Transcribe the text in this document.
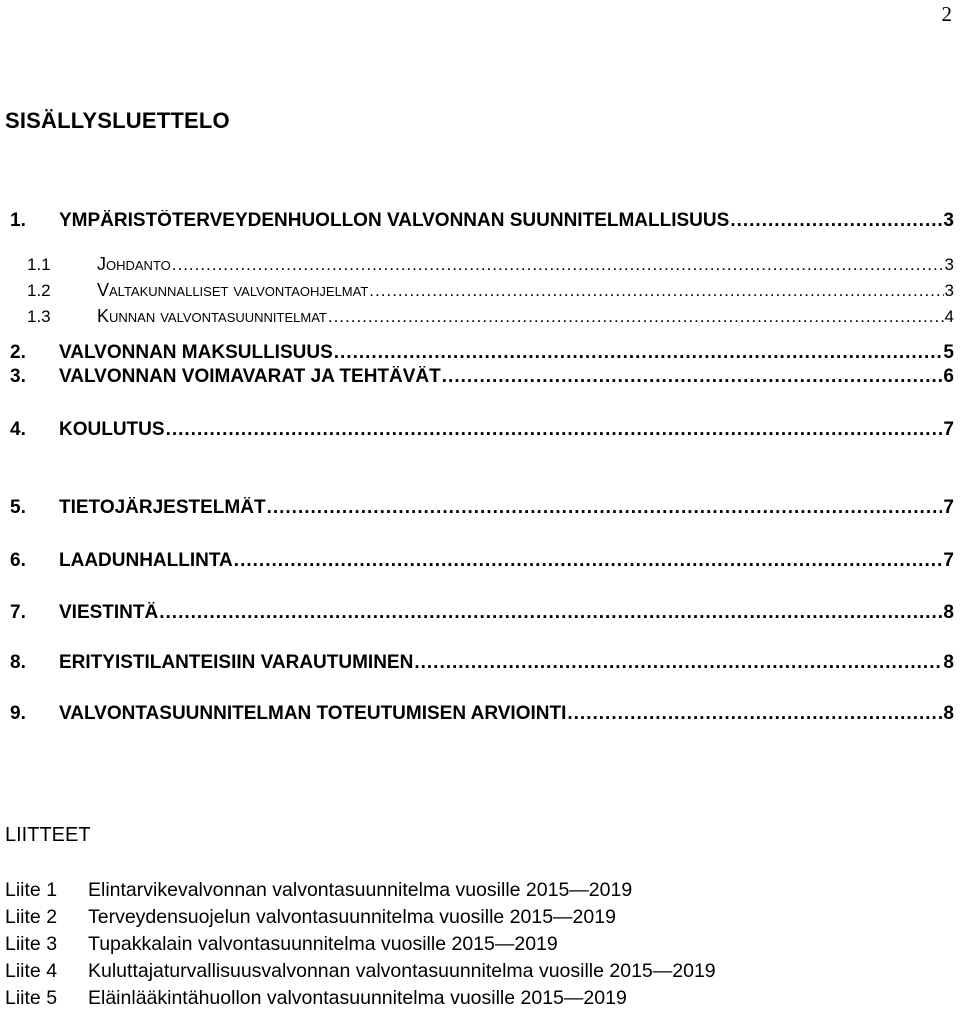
2
SISÄLLYSLUETTELO
1.	YMPÄRISTÖTERVEYDENHUOLLON VALVONNAN SUUNNITELMALLISUUS .....	3
1.1	Johdanto .....	3
1.2	Valtakunnalliset valvontaohjelmat .....	3
1.3	Kunnan valvontasuunnitelmat .....	4
2.	VALVONNAN MAKSULLISUUS .....	5
3.	VALVONNAN VOIMAVARAT JA TEHTÄVÄT .....	6
4.	KOULUTUS .....	7
5.	TIETOJÄRJESTELMÄT .....	7
6.	LAADUNHALLINTA .....	7
7.	VIESTINTÄ .....	8
8.	ERITYISTILANTEISIIN VARAUTUMINEN .....	8
9.	VALVONTASUUNNITELMAN TOTEUTUMISEN ARVIOINTI .....	8
LIITTEET
Liite 1 Elintarvikevalvonnan valvontasuunnitelma vuosille 2015—2019
Liite 2 Terveydensuojelun valvontasuunnitelma vuosille 2015—2019
Liite 3 Tupakkalain valvontasuunnitelma vuosille 2015—2019
Liite 4 Kuluttajaturvallisuusvalvonnan valvontasuunnitelma vuosille 2015—2019
Liite 5 Eläinlääkintähuollon valvontasuunnitelma vuosille 2015—2019
